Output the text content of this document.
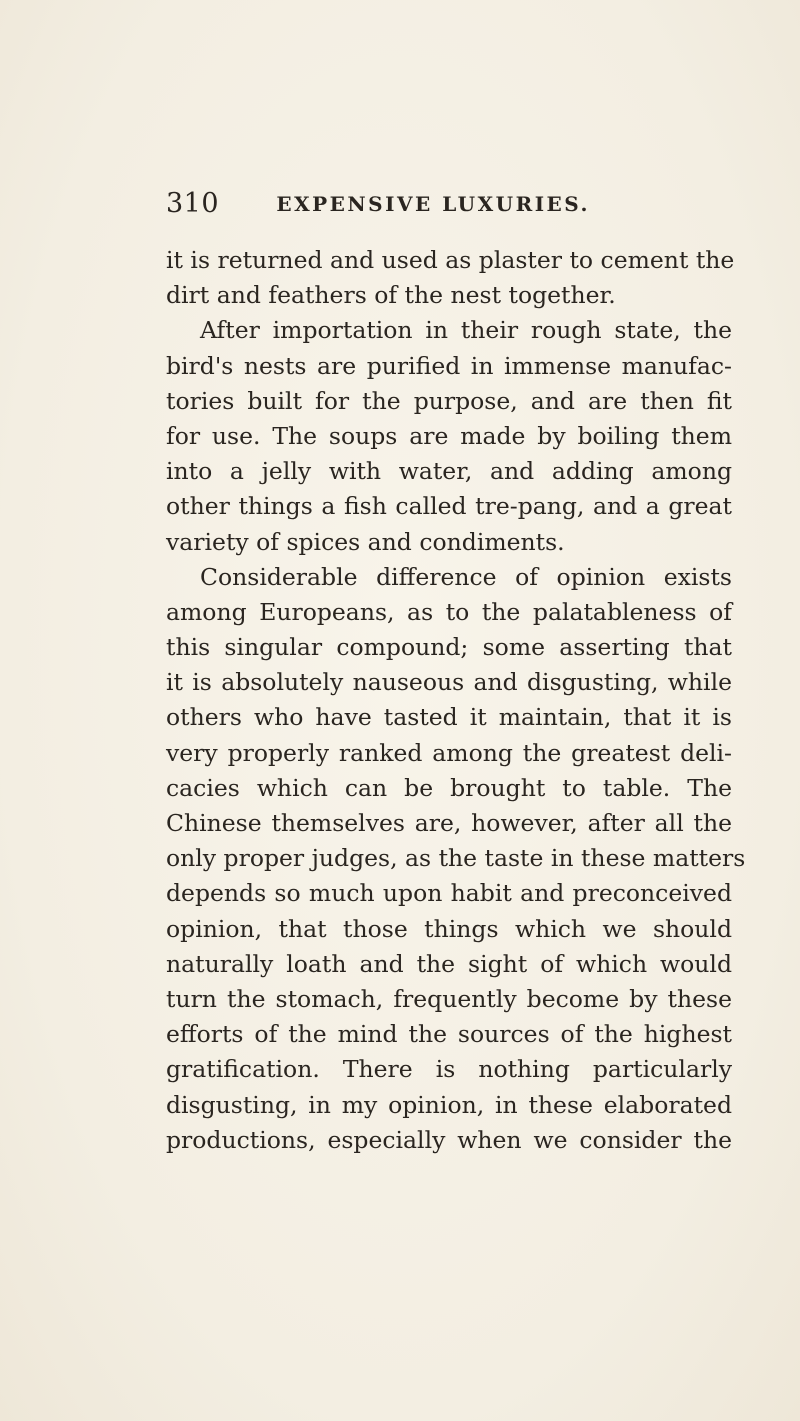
310	EXPENSIVE LUXURIES.
it is returned and used as plaster to cement the
dirt and feathers of the nest together.
After importation in their rough state, the
bird's nests are purified in immense manufac-
tories built for the purpose, and are then fit
for use. The soups are made by boiling them
into a jelly with water, and adding among
other things a fish called tre-pang, and a great
variety of spices and condiments.
Considerable difference of opinion exists
among Europeans, as to the palatableness of
this singular compound; some asserting that
it is absolutely nauseous and disgusting, while
others who have tasted it maintain, that it is
very properly ranked among the greatest deli-
cacies which can be brought to table. The
Chinese themselves are, however, after all the
only proper judges, as the taste in these matters
depends so much upon habit and preconceived
opinion, that those things which we should
naturally loath and the sight of which would
turn the stomach, frequently become by these
efforts of the mind the sources of the highest
gratification. There is nothing particularly
disgusting, in my opinion, in these elaborated
productions, especially when we consider the
